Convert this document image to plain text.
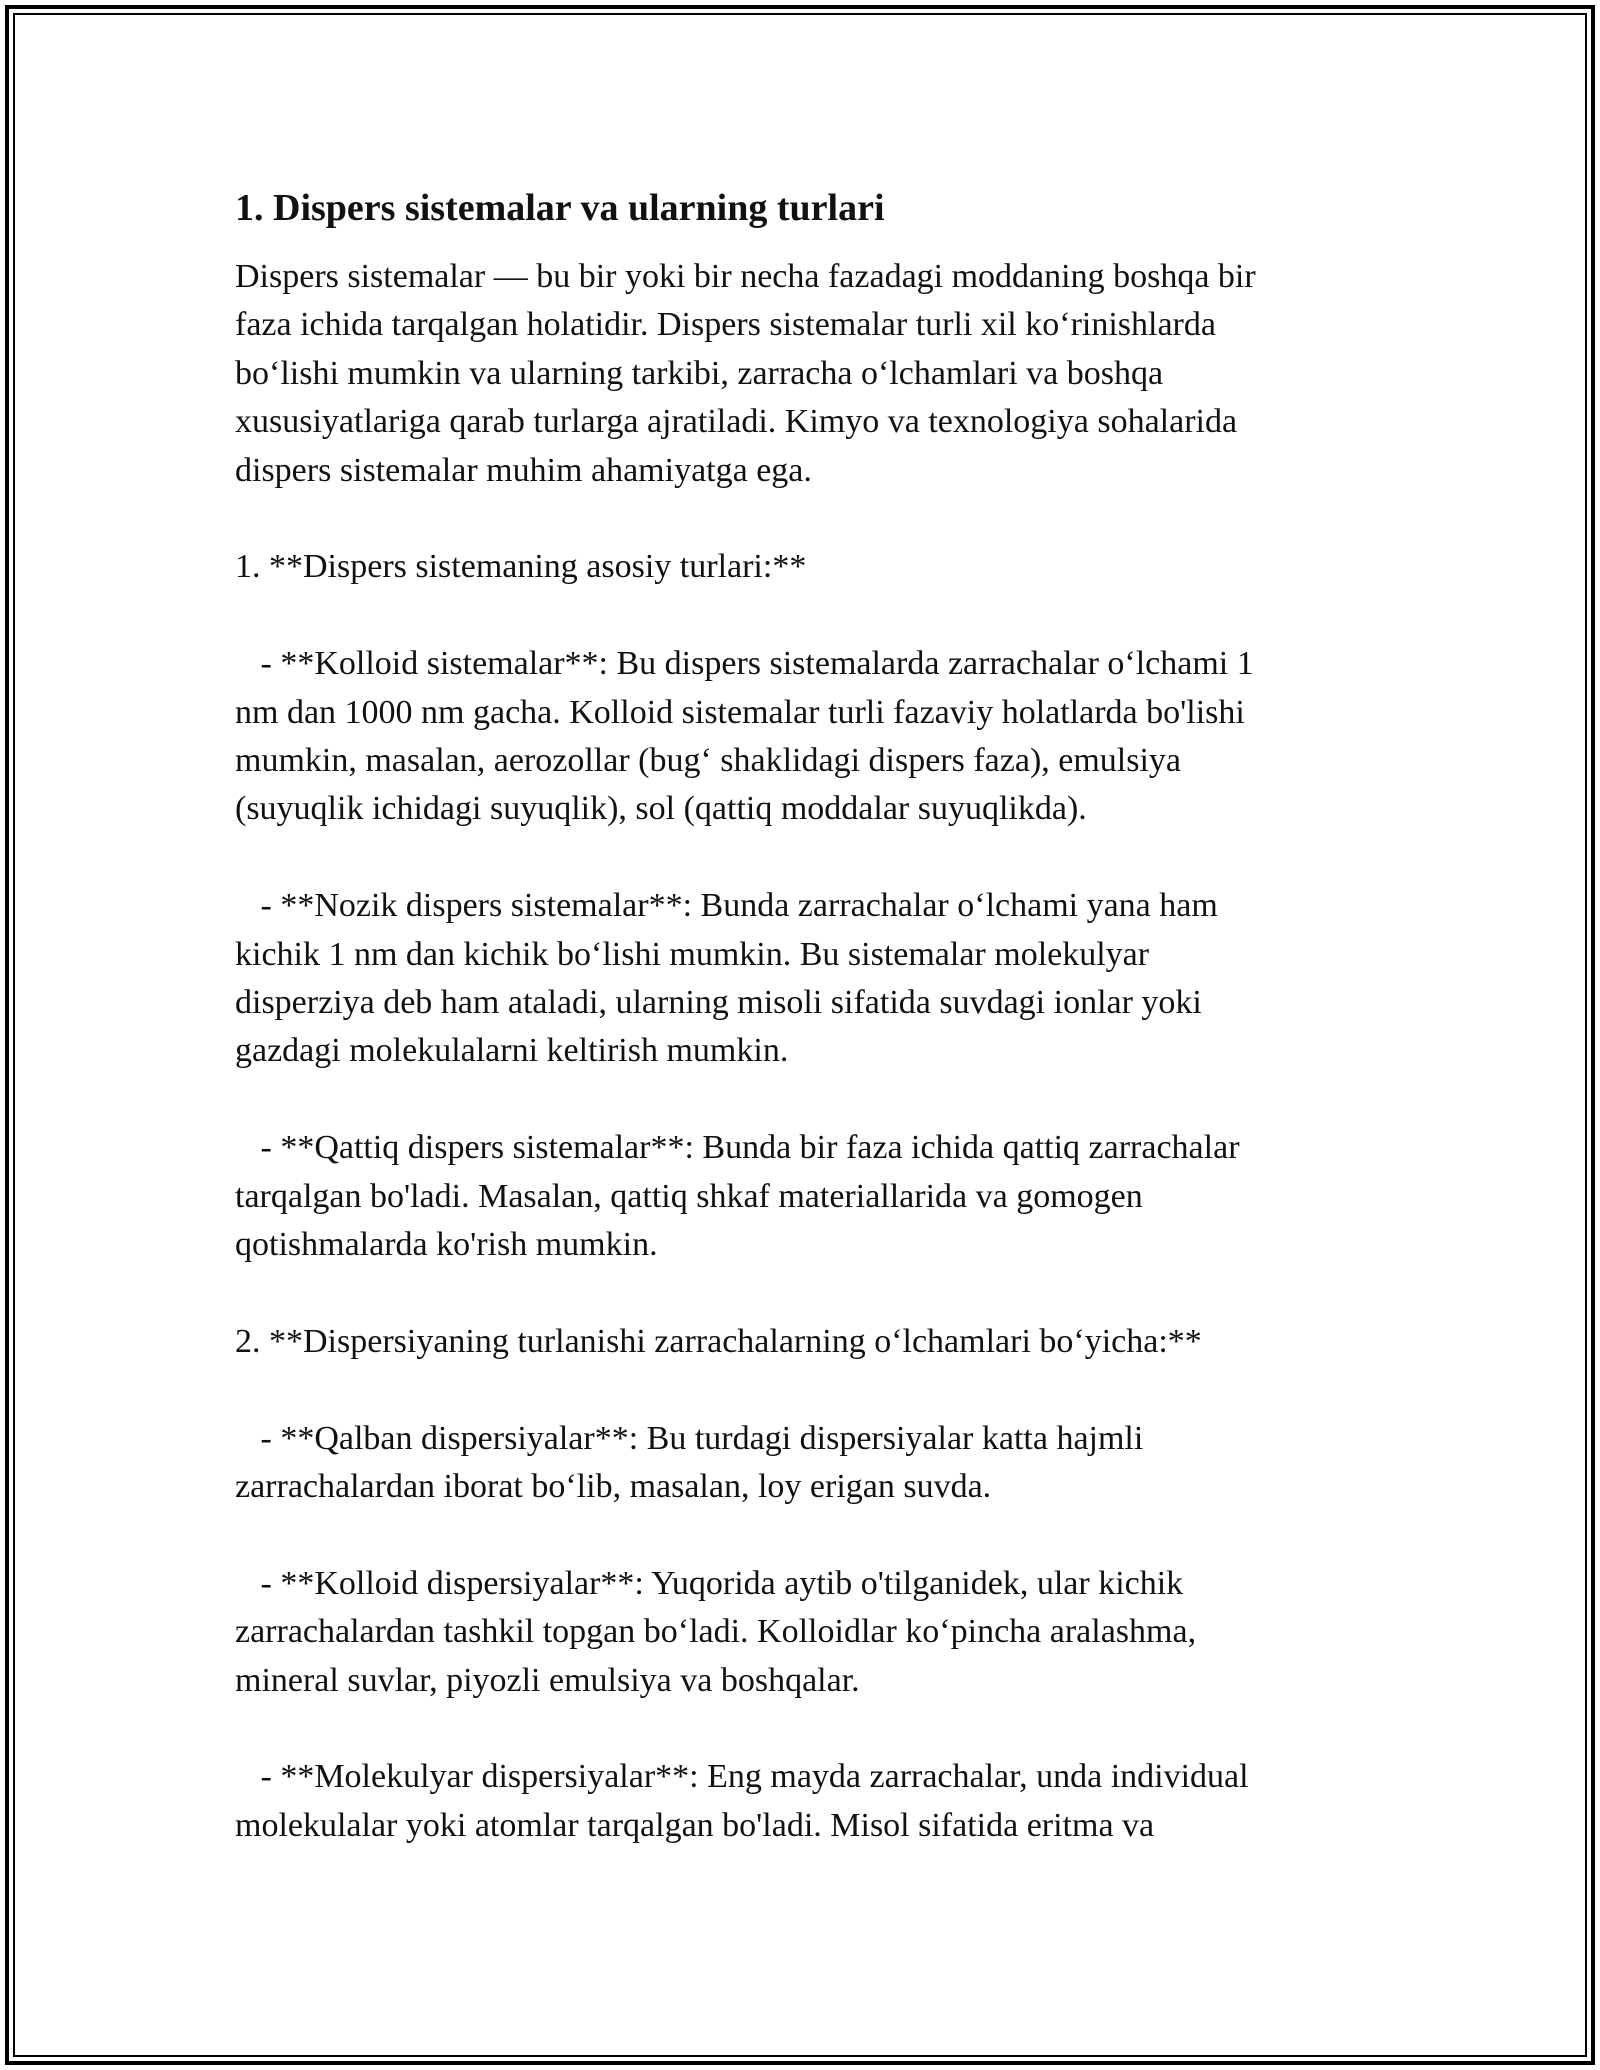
1. Dispers sistemalar va ularning turlari

Dispers sistemalar — bu bir yoki bir necha fazadagi moddaning boshqa bir
faza ichida tarqalgan holatidir. Dispers sistemalar turli xil ko‘rinishlarda
bo‘lishi mumkin va ularning tarkibi, zarracha o‘lchamlari va boshqa
xususiyatlariga qarab turlarga ajratiladi. Kimyo va texnologiya sohalarida
dispers sistemalar muhim ahamiyatga ega.

1. **Dispers sistemaning asosiy turlari:**

- **Kolloid sistemalar**: Bu dispers sistemalarda zarrachalar o‘lchami 1
nm dan 1000 nm gacha. Kolloid sistemalar turli fazaviy holatlarda bo'lishi
mumkin, masalan, aerozollar (bug‘ shaklidagi dispers faza), emulsiya
(suyuqlik ichidagi suyuqlik), sol (qattiq moddalar suyuqlikda).

- **Nozik dispers sistemalar**: Bunda zarrachalar o‘lchami yana ham
kichik 1 nm dan kichik bo‘lishi mumkin. Bu sistemalar molekulyar
disperziya deb ham ataladi, ularning misoli sifatida suvdagi ionlar yoki
gazdagi molekulalarni keltirish mumkin.

- **Qattiq dispers sistemalar**: Bunda bir faza ichida qattiq zarrachalar
tarqalgan bo'ladi. Masalan, qattiq shkaf materiallarida va gomogen
qotishmalarda ko'rish mumkin.

2. **Dispersiyaning turlanishi zarrachalarning o‘lchamlari bo‘yicha:**

- **Qalban dispersiyalar**: Bu turdagi dispersiyalar katta hajmli
zarrachalardan iborat bo‘lib, masalan, loy erigan suvda.

- **Kolloid dispersiyalar**: Yuqorida aytib o'tilganidek, ular kichik
zarrachalardan tashkil topgan bo‘ladi. Kolloidlar ko‘pincha aralashma,
mineral suvlar, piyozli emulsiya va boshqalar.

- **Molekulyar dispersiyalar**: Eng mayda zarrachalar, unda individual
molekulalar yoki atomlar tarqalgan bo'ladi. Misol sifatida eritma va
